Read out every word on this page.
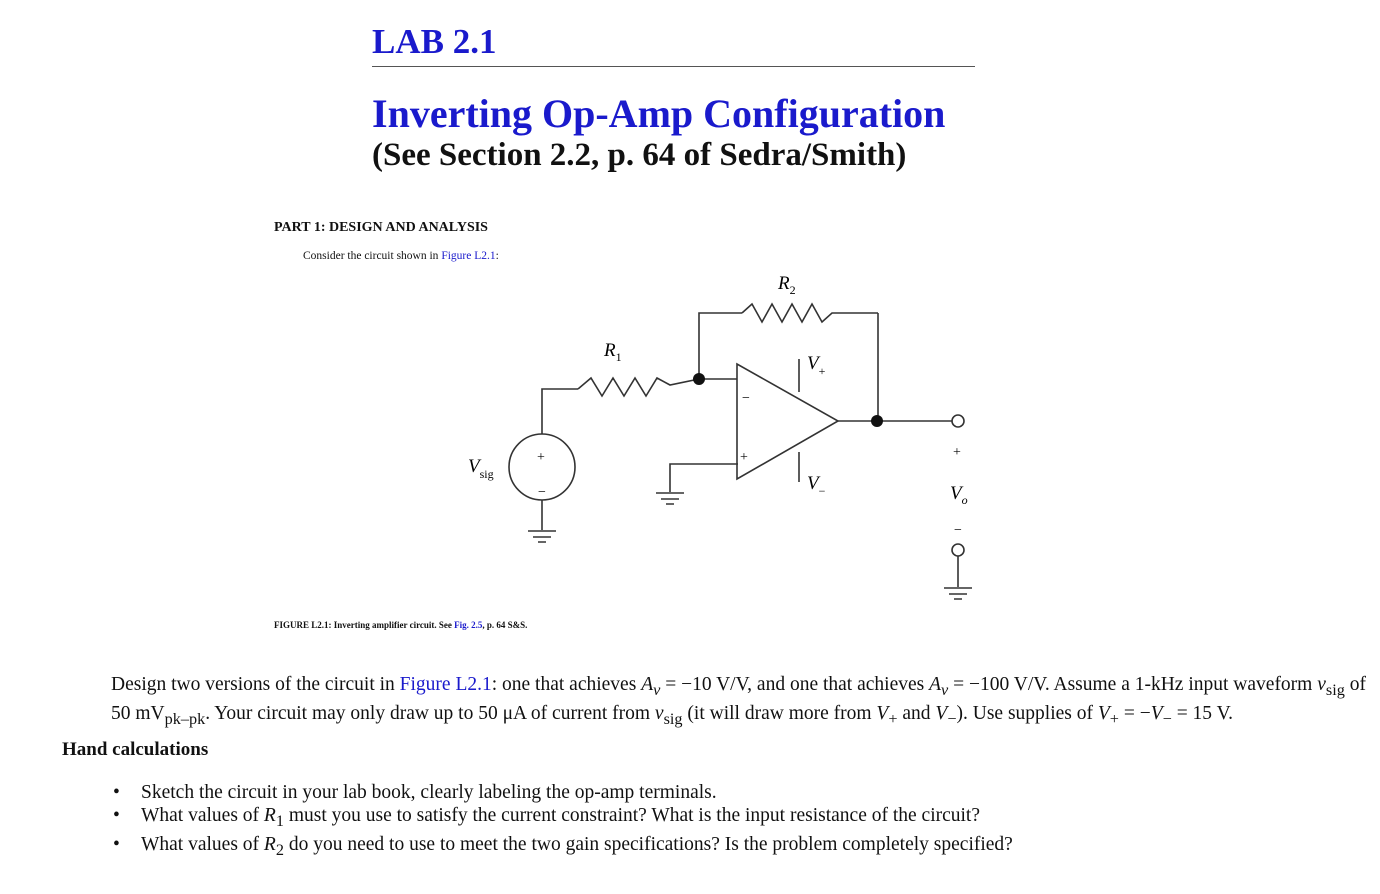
LAB 2.1
Inverting Op-Amp Configuration
(See Section 2.2, p. 64 of Sedra/Smith)
PART 1: DESIGN AND ANALYSIS
Consider the circuit shown in Figure L2.1:
$R_1$
$R_2$
$V_+$
$V_-$
$V_{sig}$
$V_o$
−
+
+
−
+
−
FIGURE L2.1: Inverting amplifier circuit. See Fig. 2.5, p. 64 S&S.
Design two versions of the circuit in Figure L2.1: one that achieves $A_v = -10$ V/V, and one that achieves $A_v = -100$ V/V. Assume a 1-kHz input waveform $v_{sig}$ of 50 $mV_{pk-pk}$. Your circuit may only draw up to 50 μA of current from $v_{sig}$ (it will draw more from $V_+$ and $V_-$). Use supplies of $V_+ = -V_- = 15$ V.
Hand calculations
• Sketch the circuit in your lab book, clearly labeling the op-amp terminals.
• What values of $R_1$ must you use to satisfy the current constraint? What is the input resistance of the circuit?
• What values of $R_2$ do you need to use to meet the two gain specifications? Is the problem completely specified?
